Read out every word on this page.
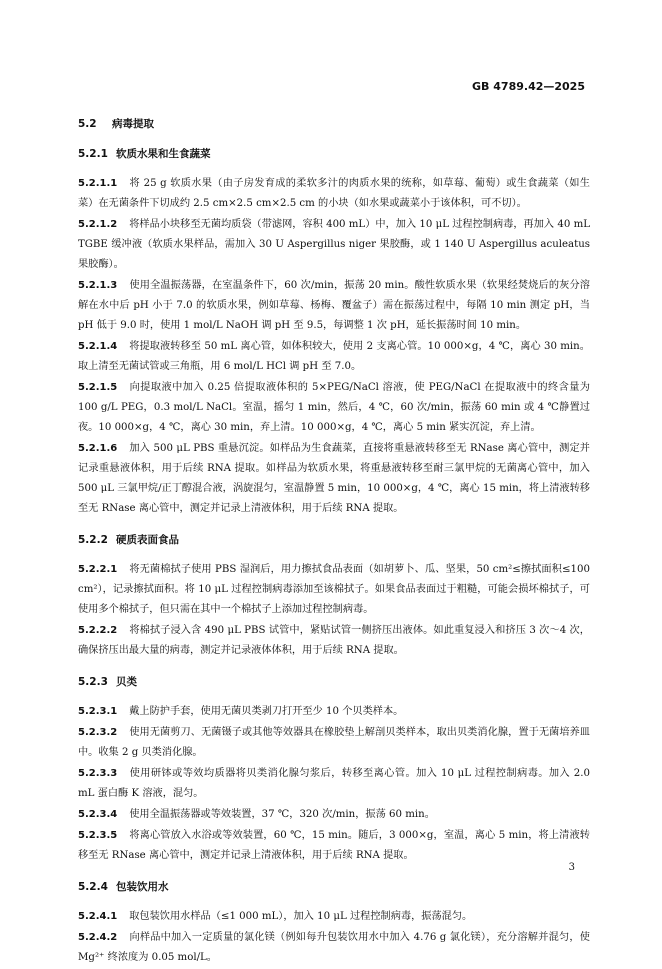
GB 4789.42—2025
5.2 病毒提取
5.2.1 软质水果和生食蔬菜

5.2.1.1 将 25 g 软质水果（由子房发育成的柔软多汁的肉质水果的统称，如草莓、葡萄）或生食蔬菜（如生菜）在无菌条件下切成约 2.5 cm×2.5 cm×2.5 cm 的小块（如水果或蔬菜小于该体积，可不切）。

5.2.1.2 将样品小块移至无菌均质袋（带滤网，容积 400 mL）中，加入 10 μL 过程控制病毒，再加入 40 mL TGBE 缓冲液（软质水果样品，需加入 30 U Aspergillus niger 果胶酶，或 1 140 U Aspergillus aculeatus 果胶酶）。

5.2.1.3 使用全温振荡器，在室温条件下，60 次/min，振荡 20 min。酸性软质水果（软果经焚烧后的灰分溶解在水中后 pH 小于 7.0 的软质水果，例如草莓、杨梅、覆盆子）需在振荡过程中，每隔 10 min 测定 pH，当 pH 低于 9.0 时，使用 1 mol/L NaOH 调 pH 至 9.5，每调整 1 次 pH，延长振荡时间 10 min。

5.2.1.4 将提取液转移至 50 mL 离心管，如体积较大，使用 2 支离心管。10 000×g，4 ℃，离心 30 min。取上清至无菌试管或三角瓶，用 6 mol/L HCl 调 pH 至 7.0。

5.2.1.5 向提取液中加入 0.25 倍提取液体积的 5×PEG/NaCl 溶液，使 PEG/NaCl 在提取液中的终含量为 100 g/L PEG，0.3 mol/L NaCl。室温，摇匀 1 min，然后，4 ℃，60 次/min，振荡 60 min 或 4 ℃静置过夜。10 000×g，4 ℃，离心 30 min，弃上清。10 000×g，4 ℃，离心 5 min 紧实沉淀，弃上清。

5.2.1.6 加入 500 μL PBS 重悬沉淀。如样品为生食蔬菜，直接将重悬液转移至无 RNase 离心管中，测定并记录重悬液体积，用于后续 RNA 提取。如样品为软质水果，将重悬液转移至耐三氯甲烷的无菌离心管中，加入 500 μL 三氯甲烷/正丁醇混合液，涡旋混匀，室温静置 5 min，10 000×g，4 ℃，离心 15 min，将上清液转移至无 RNase 离心管中，测定并记录上清液体积，用于后续 RNA 提取。

5.2.2 硬质表面食品

5.2.2.1 将无菌棉拭子使用 PBS 湿润后，用力擦拭食品表面（如胡萝卜、瓜、坚果，50 cm²≤擦拭面积≤100 cm²），记录擦拭面积。将 10 μL 过程控制病毒添加至该棉拭子。如果食品表面过于粗糙，可能会损坏棉拭子，可使用多个棉拭子，但只需在其中一个棉拭子上添加过程控制病毒。

5.2.2.2 将棉拭子浸入含 490 μL PBS 试管中，紧贴试管一侧挤压出液体。如此重复浸入和挤压 3 次～4 次，确保挤压出最大量的病毒，测定并记录液体体积，用于后续 RNA 提取。

5.2.3 贝类

5.2.3.1 戴上防护手套，使用无菌贝类剥刀打开至少 10 个贝类样本。

5.2.3.2 使用无菌剪刀、无菌镊子或其他等效器具在橡胶垫上解剖贝类样本，取出贝类消化腺，置于无菌培养皿中。收集 2 g 贝类消化腺。

5.2.3.3 使用研钵或等效均质器将贝类消化腺匀浆后，转移至离心管。加入 10 μL 过程控制病毒。加入 2.0 mL 蛋白酶 K 溶液，混匀。

5.2.3.4 使用全温振荡器或等效装置，37 ℃，320 次/min，振荡 60 min。

5.2.3.5 将离心管放入水浴或等效装置，60 ℃，15 min。随后，3 000×g，室温，离心 5 min，将上清液转移至无 RNase 离心管中，测定并记录上清液体积，用于后续 RNA 提取。

5.2.4 包装饮用水

5.2.4.1 取包装饮用水样品（≤1 000 mL），加入 10 μL 过程控制病毒，振荡混匀。

5.2.4.2 向样品中加入一定质量的氯化镁（例如每升包装饮用水中加入 4.76 g 氯化镁），充分溶解并混匀，使 Mg²⁺ 终浓度为 0.05 mol/L。

3
